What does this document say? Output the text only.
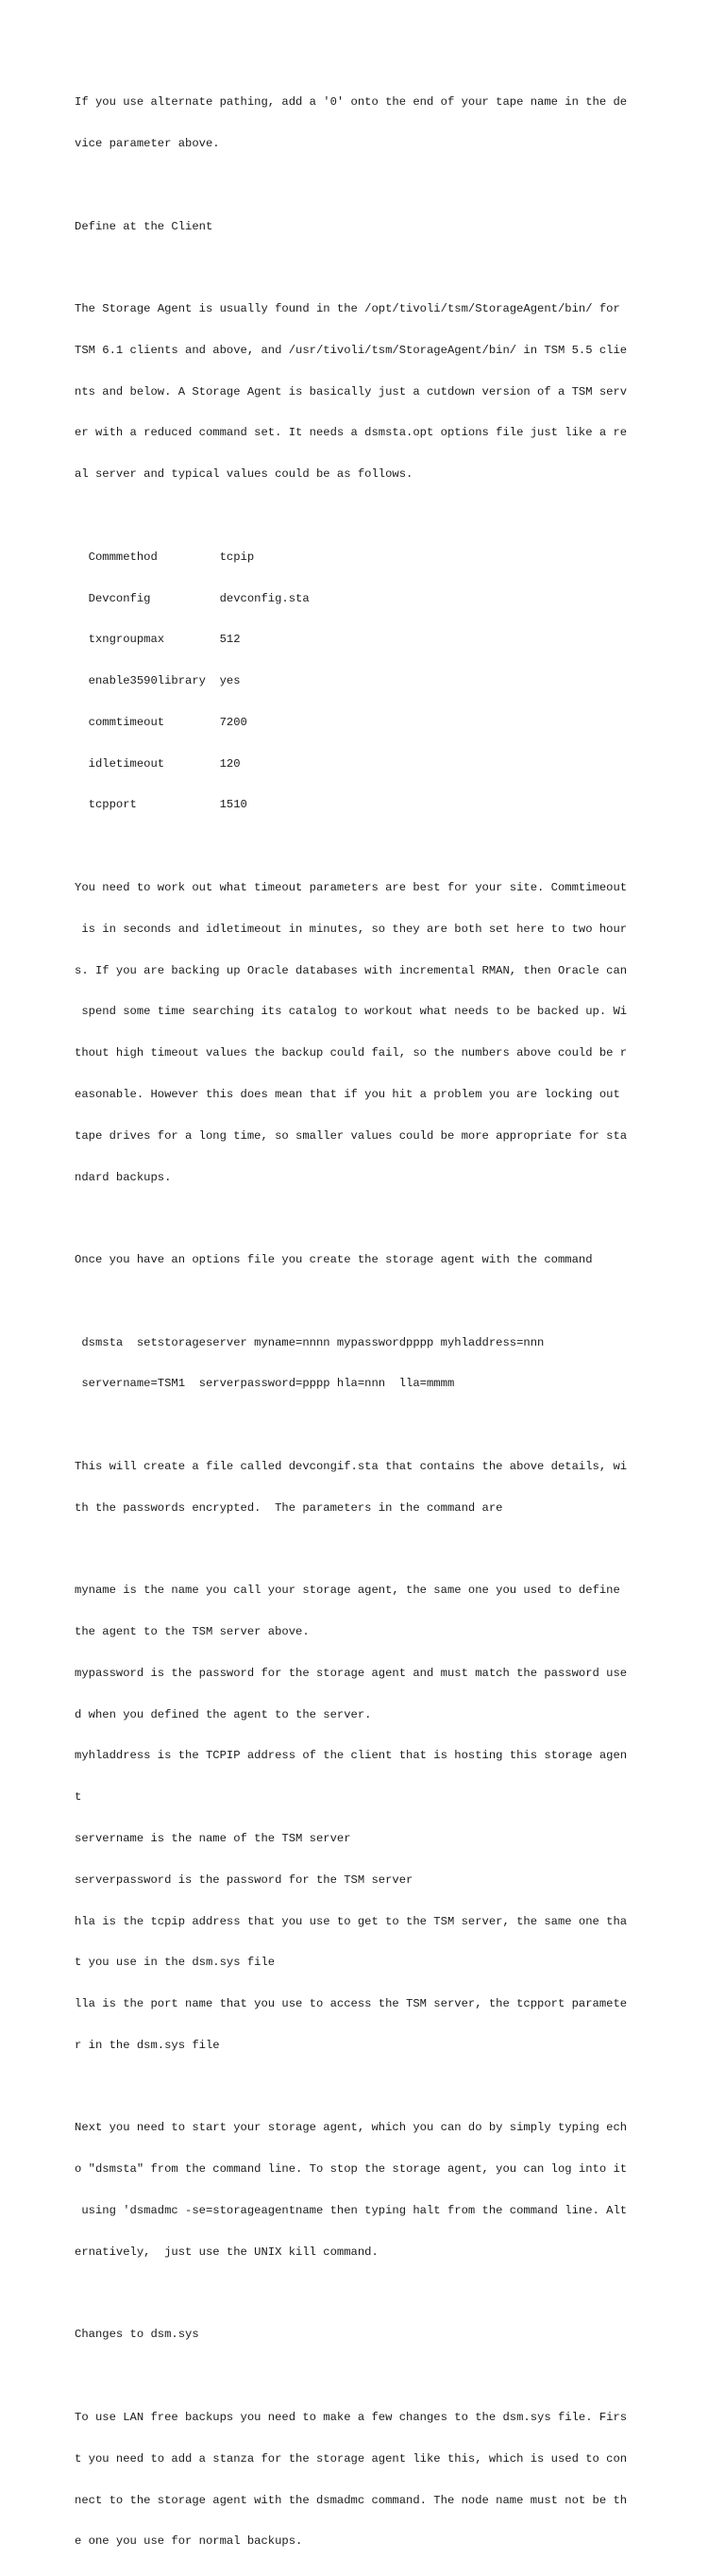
If you use alternate pathing, add a '0' onto the end of your tape name in the de

vice parameter above.

Define at the Client

The Storage Agent is usually found in the /opt/tivoli/tsm/StorageAgent/bin/ for

TSM 6.1 clients and above, and /usr/tivoli/tsm/StorageAgent/bin/ in TSM 5.5 clie

nts and below. A Storage Agent is basically just a cutdown version of a TSM serv

er with a reduced command set. It needs a dsmsta.opt options file just like a re

al server and typical values could be as follows.

Commmethod         tcpip

Devconfig          devconfig.sta

txngroupmax        512

enable3590library  yes

commtimeout        7200

idletimeout        120

tcpport            1510

You need to work out what timeout parameters are best for your site. Commtimeout

is in seconds and idletimeout in minutes, so they are both set here to two hour

s. If you are backing up Oracle databases with incremental RMAN, then Oracle can

spend some time searching its catalog to workout what needs to be backed up. Wi

thout high timeout values the backup could fail, so the numbers above could be r

easonable. However this does mean that if you hit a problem you are locking out

tape drives for a long time, so smaller values could be more appropriate for sta

ndard backups.

Once you have an options file you create the storage agent with the command

dsmsta  setstorageserver myname=nnnn mypasswordpppp myhladdress=nnn

servername=TSM1  serverpassword=pppp hla=nnn  lla=mmmm

This will create a file called devcongif.sta that contains the above details, wi

th the passwords encrypted.  The parameters in the command are

myname is the name you call your storage agent, the same one you used to define

the agent to the TSM server above.

mypassword is the password for the storage agent and must match the password use

d when you defined the agent to the server.

myhladdress is the TCPIP address of the client that is hosting this storage agen

t

servername is the name of the TSM server

serverpassword is the password for the TSM server

hla is the tcpip address that you use to get to the TSM server, the same one tha

t you use in the dsm.sys file

lla is the port name that you use to access the TSM server, the tcpport paramete

r in the dsm.sys file

Next you need to start your storage agent, which you can do by simply typing ech

o "dsmsta" from the command line. To stop the storage agent, you can log into it

using 'dsmadmc -se=storageagentname then typing halt from the command line. Alt

ernatively,  just use the UNIX kill command.

Changes to dsm.sys

To use LAN free backups you need to make a few changes to the dsm.sys file. Firs

t you need to add a stanza for the storage agent like this, which is used to con

nect to the storage agent with the dsmadmc command. The node name must not be th

e one you use for normal backups.
